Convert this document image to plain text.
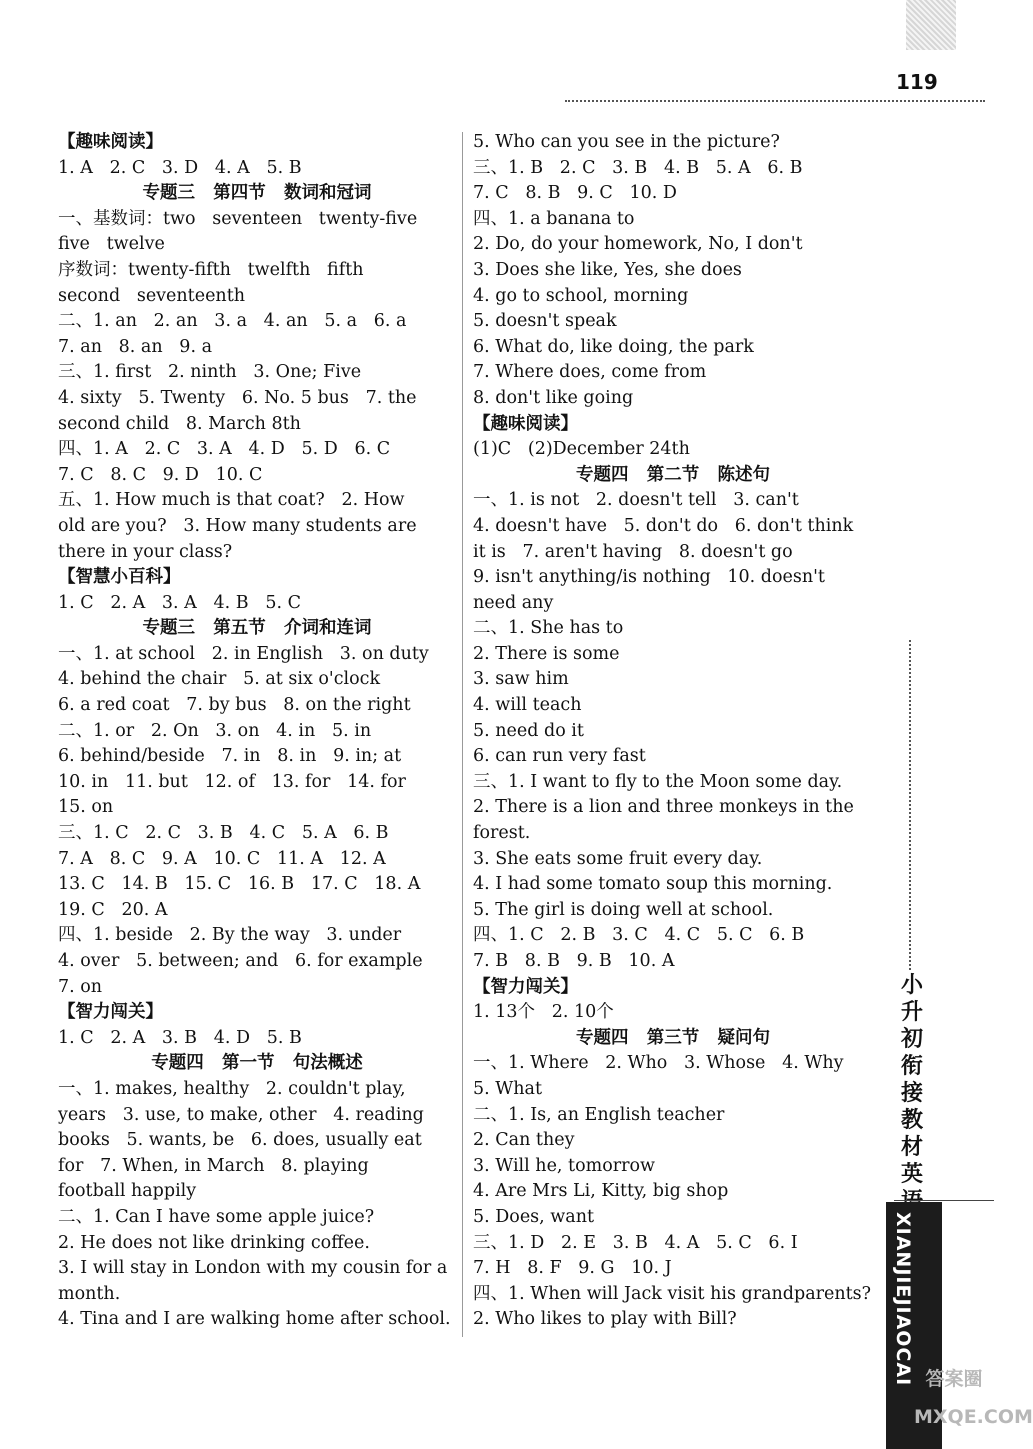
119
【趣味阅读】
1. A   2. C   3. D   4. A   5. B
专题三   第四节   数词和冠词
一、基数词：two   seventeen   twenty-five
five   twelve
序数词：twenty-fifth   twelfth   fifth
second   seventeenth
二、1. an   2. an   3. a   4. an   5. a   6. a
7. an   8. an   9. a
三、1. first   2. ninth   3. One; Five
4. sixty   5. Twenty   6. No. 5 bus   7. the
second child   8. March 8th
四、1. A   2. C   3. A   4. D   5. D   6. C
7. C   8. C   9. D   10. C
五、1. How much is that coat?   2. How
old are you?   3. How many students are
there in your class?
【智慧小百科】
1. C   2. A   3. A   4. B   5. C
专题三   第五节   介词和连词
一、1. at school   2. in English   3. on duty
4. behind the chair   5. at six o'clock
6. a red coat   7. by bus   8. on the right
二、1. or   2. On   3. on   4. in   5. in
6. behind/beside   7. in   8. in   9. in; at
10. in   11. but   12. of   13. for   14. for
15. on
三、1. C   2. C   3. B   4. C   5. A   6. B
7. A   8. C   9. A   10. C   11. A   12. A
13. C   14. B   15. C   16. B   17. C   18. A
19. C   20. A
四、1. beside   2. By the way   3. under
4. over   5. between; and   6. for example
7. on
【智力闯关】
1. C   2. A   3. B   4. D   5. B
专题四   第一节   句法概述
一、1. makes, healthy   2. couldn't play,
years   3. use, to make, other   4. reading
books   5. wants, be   6. does, usually eat
for   7. When, in March   8. playing
football happily
二、1. Can I have some apple juice?
2. He does not like drinking coffee.
3. I will stay in London with my cousin for a
month.
4. Tina and I are walking home after school.
5. Who can you see in the picture?
三、1. B   2. C   3. B   4. B   5. A   6. B
7. C   8. B   9. C   10. D
四、1. a banana to
2. Do, do your homework, No, I don't
3. Does she like, Yes, she does
4. go to school, morning
5. doesn't speak
6. What do, like doing, the park
7. Where does, come from
8. don't like going
【趣味阅读】
(1)C   (2)December 24th
专题四   第二节   陈述句
一、1. is not   2. doesn't tell   3. can't
4. doesn't have   5. don't do   6. don't think
it is   7. aren't having   8. doesn't go
9. isn't anything/is nothing   10. doesn't
need any
二、1. She has to
2. There is some
3. saw him
4. will teach
5. need do it
6. can run very fast
三、1. I want to fly to the Moon some day.
2. There is a lion and three monkeys in the
forest.
3. She eats some fruit every day.
4. I had some tomato soup this morning.
5. The girl is doing well at school.
四、1. C   2. B   3. C   4. C   5. C   6. B
7. B   8. B   9. B   10. A
【智力闯关】
1. 13个   2. 10个
专题四   第三节   疑问句
一、1. Where   2. Who   3. Whose   4. Why
5. What
二、1. Is, an English teacher
2. Can they
3. Will he, tomorrow
4. Are Mrs Li, Kitty, big shop
5. Does, want
三、1. D   2. E   3. B   4. A   5. C   6. I
7. H   8. F   9. G   10. J
四、1. When will Jack visit his grandparents?
2. Who likes to play with Bill?
小
升
初
衔
接
教
材
英
XIANJIEJIAOCAI 答案圈 MXQE.COM
